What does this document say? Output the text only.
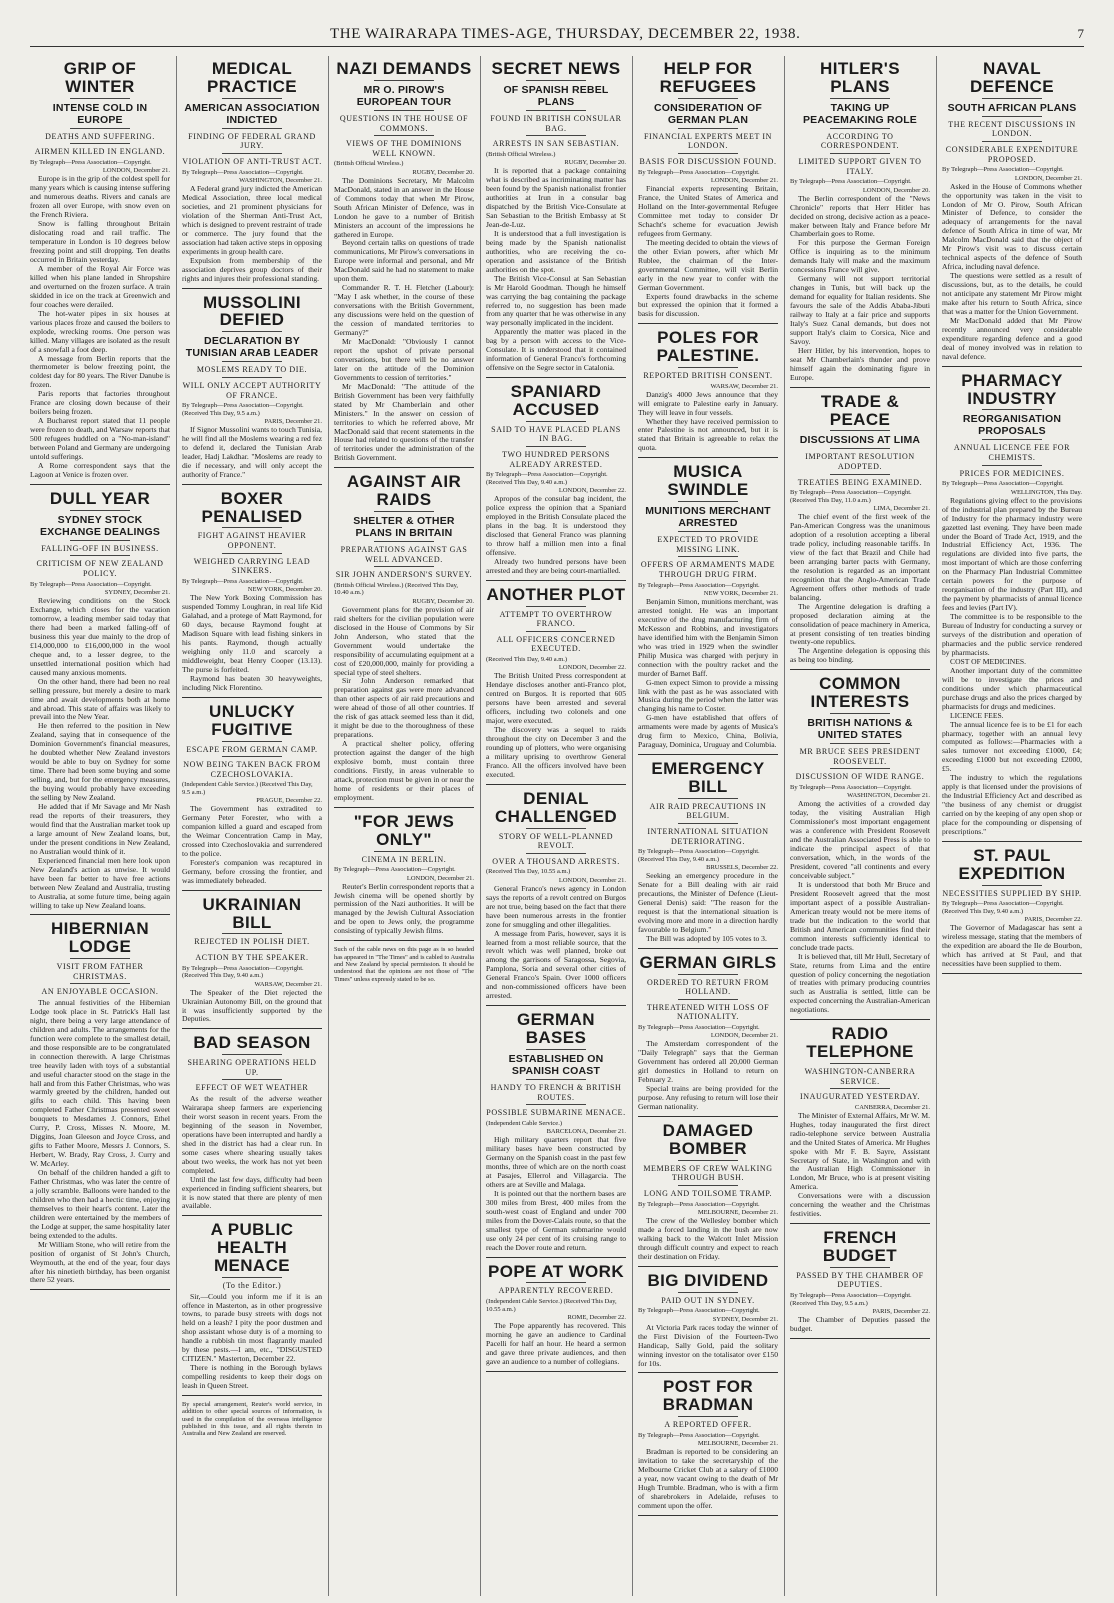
THE WAIRARAPA TIMES-AGE, THURSDAY, DECEMBER 22, 1938.	7
GRIP OF WINTER
INTENSE COLD IN EUROPE
DEATHS AND SUFFERING.
AIRMEN KILLED IN ENGLAND.
By Telegraph—Press Association—Copyright.
LONDON, December 21.

Europe is in the grip of the coldest spell for many years which is causing intense suffering and numerous deaths. Rivers and canals are frozen all over Europe, with snow even on the French Riviera.

Snow is falling throughout Britain dislocating road and rail traffic. The temperature in London is 10 degrees below freezing point and still dropping. Ten deaths occurred in Britain yesterday.

A member of the Royal Air Force was killed when his plane landed in Shropshire and overturned on the frozen surface. A train skidded in ice on the track at Greenwich and four coaches were derailed.

The hot-water pipes in six houses at various places froze and caused the boilers to explode, wrecking rooms. One person was killed. Many villages are isolated as the result of a snowfall a foot deep.

A message from Berlin reports that the thermometer is below freezing point, the coldest day for 80 years. The River Danube is frozen.

Paris reports that factories throughout France are closing down because of their boilers being frozen.

A Bucharest report stated that 11 people were frozen to death, and Warsaw reports that 500 refugees huddled on a "No-man-island" between Poland and Germany are undergoing untold sufferings.

A Rome correspondent says that the Lagoon at Venice is frozen over.

DULL YEAR
SYDNEY STOCK EXCHANGE DEALINGS
FALLING-OFF IN BUSINESS.
CRITICISM OF NEW ZEALAND POLICY.
By Telegraph—Press Association—Copyright.
SYDNEY, December 21.

Reviewing conditions on the Stock Exchange, which closes for the vacation tomorrow, a leading member said today that there had been a marked falling-off of business this year due mainly to the drop of £14,000,000 to £16,000,000 in the wool cheque and, to a lesser degree, to the unsettled international position which had caused many anxious moments.

On the other hand, there had been no real selling pressure, but merely a desire to mark time and await developments both at home and abroad. This state of affairs was likely to prevail into the New Year.

He then referred to the position in New Zealand, saying that in consequence of the Dominion Government's financial measures, he doubted whether New Zealand investors would be able to buy on Sydney for some time. There had been some buying and some selling, and, but for the emergency measures, the buying would probably have exceeding the selling by New Zealand.

He added that if Mr Savage and Mr Nash read the reports of their treasurers, they would find that the Australian market took up a large amount of New Zealand loans, but, under the present conditions in New Zealand, no Australian would think of it.

Experienced financial men here look upon New Zealand's action as unwise. It would have been far better to have free actions between New Zealand and Australia, trusting to Australia, at some future time, being again willing to take up New Zealand loans.

HIBERNIAN LODGE
VISIT FROM FATHER CHRISTMAS.
AN ENJOYABLE OCCASION.

The annual festivities of the Hibernian Lodge took place in St. Patrick's Hall last night, there being a very large attendance of children and adults. The arrangements for the function were complete to the smallest detail, and those responsible are to be congratulated in connection therewith. A large Christmas tree heavily laden with toys of a substantial and useful character stood on the stage in the hall and from this Father Christmas, who was warmly greeted by the children, handed out gifts to each child. This having been completed Father Christmas presented sweet bouquets to Mesdames J. Connors, Ethel Curry, P. Cross, Misses N. Moore, M. Diggins, Joan Gleeson and Joyce Cross, and gifts to Father Moore, Messrs J. Connors, S. Herbert, W. Brady, Ray Cross, J. Curry and W. McArley.

On behalf of the children handed a gift to Father Christmas, who was later the centre of a jolly scramble. Balloons were handed to the children who then had a hectic time, enjoying themselves to their heart's content. Later the children were entertained by the members of the Lodge at supper, the same hospitality later being extended to the adults.

Mr William Stone, who will retire from the position of organist of St John's Church, Weymouth, at the end of the year, four days after his ninetieth birthday, has been organist there 52 years.

MEDICAL PRACTICE
AMERICAN ASSOCIATION INDICTED
FINDING OF FEDERAL GRAND JURY.
VIOLATION OF ANTI-TRUST ACT.
By Telegraph—Press Association—Copyright.
WASHINGTON, December 21.

A Federal grand jury indicted the American Medical Association, three local medical societies, and 21 prominent physicians for violation of the Sherman Anti-Trust Act, which is designed to prevent restraint of trade or commerce. The jury found that the association had taken active steps in opposing experiments in group health care.

Expulsion from membership of the association deprives group doctors of their rights and injures their professional standing.

MUSSOLINI DEFIED
DECLARATION BY TUNISIAN ARAB LEADER
MOSLEMS READY TO DIE.
WILL ONLY ACCEPT AUTHORITY OF FRANCE.
By Telegraph—Press Association—Copyright. (Received This Day, 9.5 a.m.)
PARIS, December 21.

If Signor Mussolini wants to touch Tunisia, he will find all the Moslems wearing a red fez to defend it, declared the Tunisian Arab leader, Hadj Lakdhar. "Moslems are ready to die if necessary, and will only accept the authority of France."

BOXER PENALISED
FIGHT AGAINST HEAVIER OPPONENT.
WEIGHED CARRYING LEAD SINKERS.
By Telegraph—Press Association—Copyright.
NEW YORK, December 20.

The New York Boxing Commission has suspended Tommy Loughran, in real life Kid Galahad, and a protege of Matt Raymond, for 60 days, because Raymond fought at Madison Square with lead fishing sinkers in his pants. Raymond, though actually weighing only 11.0 and scarcely a middleweight, beat Henry Cooper (13.13). The purse is forfeited.

Raymond has beaten 30 heavyweights, including Nick Florentino.

UNLUCKY FUGITIVE
ESCAPE FROM GERMAN CAMP.
NOW BEING TAKEN BACK FROM CZECHOSLOVAKIA.
(Independent Cable Service.) (Received This Day, 9.5 a.m.)
PRAGUE, December 22.

The Government has extradited to Germany Peter Forester, who with a companion killed a guard and escaped from the Weimar Concentration Camp in May, crossed into Czechoslovakia and surrendered to the police.

Forester's companion was recaptured in Germany, before crossing the frontier, and was immediately beheaded.

UKRAINIAN BILL
REJECTED IN POLISH DIET.
ACTION BY THE SPEAKER.
By Telegraph—Press Association—Copyright. (Received This Day, 9.40 a.m.)
WARSAW, December 21.

The Speaker of the Diet rejected the Ukrainian Autonomy Bill, on the ground that it was insufficiently supported by the Deputies.

BAD SEASON
SHEARING OPERATIONS HELD UP.
EFFECT OF WET WEATHER

As the result of the adverse weather Wairarapa sheep farmers are experiencing their worst season in recent years. From the beginning of the season in November, operations have been interrupted and hardly a shed in the district has had a clear run. In some cases where shearing usually takes about two weeks, the work has not yet been completed.

Until the last few days, difficulty had been experienced in finding sufficient shearers, but it is now stated that there are plenty of men available.

A PUBLIC HEALTH MENACE
(To the Editor.)

Sir,—Could you inform me if it is an offence in Masterton, as in other progressive towns, to parade busy streets with dogs not held on a leash? I pity the poor dustmen and shop assistant whose duty is of a morning to handle a rubbish tin most flagrantly mauled by these pests.—I am, etc., "DISGUSTED CITIZEN." Masterton, December 22.

There is nothing in the Borough bylaws compelling residents to keep their dogs on leash in Queen Street.

By special arrangement, Reuter's world service, in addition to other special sources of information, is used in the compilation of the overseas intelligence published in this issue, and all rights therein in Australia and New Zealand are reserved.
NAZI DEMANDS
MR O. PIROW'S EUROPEAN TOUR
QUESTIONS IN THE HOUSE OF COMMONS.
VIEWS OF THE DOMINIONS WELL KNOWN.
(British Official Wireless.)
RUGBY, December 20.

The Dominions Secretary, Mr Malcolm MacDonald, stated in an answer in the House of Commons today that when Mr Pirow, South African Minister of Defence, was in London he gave to a number of British Ministers an account of the impressions he gathered in Europe.

Beyond certain talks on questions of trade communications, Mr Pirow's conversations in Europe were informal and personal, and Mr MacDonald said he had no statement to make upon them.

Commander R. T. H. Fletcher (Labour): "May I ask whether, in the course of these conversations with the British Government, any discussions were held on the question of the cession of mandated territories to Germany?"

Mr MacDonald: "Obviously I cannot report the upshot of private personal conversations, but there will be no answer later on the attitude of the Dominion Governments to cession of territories."

Mr MacDonald: "The attitude of the British Government has been very faithfully stated by Mr Chamberlain and other Ministers." In the answer on cession of territories to which he referred above, Mr MacDonald said that recent statements in the House had related to questions of the transfer of territories under the administration of the British Government.

AGAINST AIR RAIDS
SHELTER & OTHER PLANS IN BRITAIN
PREPARATIONS AGAINST GAS WELL ADVANCED.
SIR JOHN ANDERSON'S SURVEY.
(British Official Wireless.) (Received This Day, 10.40 a.m.)
RUGBY, December 20.

Government plans for the provision of air raid shelters for the civilian population were disclosed in the House of Commons by Sir John Anderson, who stated that the Government would undertake the responsibility of accumulating equipment at a cost of £20,000,000, mainly for providing a special type of steel shelters.

Sir John Anderson remarked that preparation against gas were more advanced than other aspects of air raid precautions and were ahead of those of all other countries. If the risk of gas attack seemed less than it did, it might be due to the thoroughness of these preparations.

A practical shelter policy, offering protection against the danger of the high explosive bomb, must contain three conditions. Firstly, in areas vulnerable to attack, protection must be given in or near the home of residents or their places of employment.

"FOR JEWS ONLY"
CINEMA IN BERLIN.
By Telegraph—Press Association—Copyright.
LONDON, December 21.

Reuter's Berlin correspondent reports that a Jewish cinema will be opened shortly by permission of the Nazi authorities. It will be managed by the Jewish Cultural Association and be open to Jews only, the programme consisting of typically Jewish films.

Such of the cable news on this page as is so headed has appeared in "The Times" and is cabled to Australia and New Zealand by special permission. It should be understood that the opinions are not those of "The Times" unless expressly stated to be so.
SECRET NEWS
OF SPANISH REBEL PLANS
FOUND IN BRITISH CONSULAR BAG.
ARRESTS IN SAN SEBASTIAN.
(British Official Wireless.)
RUGBY, December 20.

It is reported that a package containing what is described as incriminating matter has been found by the Spanish nationalist frontier authorities at Irun in a consular bag dispatched by the British Vice-Consulate at San Sebastian to the British Embassy at St Jean-de-Luz.

It is understood that a full investigation is being made by the Spanish nationalist authorities, who are receiving the co-operation and assistance of the British authorities on the spot.

The British Vice-Consul at San Sebastian is Mr Harold Goodman. Though he himself was carrying the bag containing the package referred to, no suggestion has been made from any quarter that he was otherwise in any way personally implicated in the incident.

Apparently the matter was placed in the bag by a person with access to the Vice-Consulate. It is understood that it contained information of General Franco's forthcoming offensive on the Segre sector in Catalonia.

SPANIARD ACCUSED
SAID TO HAVE PLACED PLANS IN BAG.
TWO HUNDRED PERSONS ALREADY ARRESTED.
By Telegraph—Press Association—Copyright. (Received This Day, 9.40 a.m.)
LONDON, December 22.

Apropos of the consular bag incident, the police express the opinion that a Spaniard employed in the British Consulate placed the plans in the bag. It is understood they disclosed that General Franco was planning to throw half a million men into a final offensive.

Already two hundred persons have been arrested and they are being court-martialled.

ANOTHER PLOT
ATTEMPT TO OVERTHROW FRANCO.
ALL OFFICERS CONCERNED EXECUTED.
(Received This Day, 9.40 a.m.)
LONDON, December 22.

The British United Press correspondent at Hendaye discloses another anti-Franco plot, centred on Burgos. It is reported that 605 persons have been arrested and several officers, including two colonels and one major, were executed.

The discovery was a sequel to raids throughout the city on December 3 and the rounding up of plotters, who were organising a military uprising to overthrow General Franco. All the officers involved have been executed.

DENIAL CHALLENGED
STORY OF WELL-PLANNED REVOLT.
OVER A THOUSAND ARRESTS.
(Received This Day, 10.55 a.m.)
LONDON, December 21.

General Franco's news agency in London says the reports of a revolt centred on Burgos are not true, being based on the fact that there have been numerous arrests in the frontier zone for smuggling and other illegalities.

A message from Paris, however, says it is learned from a most reliable source, that the revolt which was well planned, broke out among the garrisons of Saragossa, Segovia, Pamplona, Soria and several other cities of General Franco's Spain. Over 1000 officers and non-commissioned officers have been arrested.

GERMAN BASES
ESTABLISHED ON SPANISH COAST
HANDY TO FRENCH & BRITISH ROUTES.
POSSIBLE SUBMARINE MENACE.
(Independent Cable Service.)
BARCELONA, December 21.

High military quarters report that five military bases have been constructed by Germany on the Spanish coast in the past few months, three of which are on the north coast at Pasajes, Ellerrol and Villagarcia. The others are at Seville and Malaga.

It is pointed out that the northern bases are 300 miles from Brest, 400 miles from the south-west coast of England and under 700 miles from the Dover-Calais route, so that the smallest type of German submarine would use only 24 per cent of its cruising range to reach the Dover route and return.

POPE AT WORK
APPARENTLY RECOVERED.
(Independent Cable Service.) (Received This Day, 10.55 a.m.)
ROME, December 22.

The Pope apparently has recovered. This morning he gave an audience to Cardinal Pacelli for half an hour. He heard a sermon and gave three private audiences, and then gave an audience to a number of collegians.

HELP FOR REFUGEES
CONSIDERATION OF GERMAN PLAN
FINANCIAL EXPERTS MEET IN LONDON.
BASIS FOR DISCUSSION FOUND.
By Telegraph—Press Association—Copyright.
LONDON, December 21.

Financial experts representing Britain, France, the United States of America and Holland on the Inter-governmental Refugee Committee met today to consider Dr Schacht's scheme for evacuation Jewish refugees from Germany.

The meeting decided to obtain the views of the other Evian powers, after which Mr Rublee, the chairman of the Inter-governmental Committee, will visit Berlin early in the new year to confer with the German Government.

Experts found drawbacks in the scheme but expressed the opinion that it formed a basis for discussion.

POLES FOR PALESTINE.
REPORTED BRITISH CONSENT.
WARSAW, December 21.

Danzig's 4000 Jews announce that they will emigrate to Palestine early in January. They will leave in four vessels.

Whether they have received permission to enter Palestine is not announced, but it is stated that Britain is agreeable to relax the quota.

MUSICA SWINDLE
MUNITIONS MERCHANT ARRESTED
EXPECTED TO PROVIDE MISSING LINK.
OFFERS OF ARMAMENTS MADE THROUGH DRUG FIRM.
By Telegraph—Press Association—Copyright.
NEW YORK, December 21.

Benjamin Simon, munitions merchant, was arrested tonight. He was an important executive of the drug manufacturing firm of McKesson and Robbins, and investigators have identified him with the Benjamin Simon who was tried in 1929 when the swindler Philip Musica was charged with perjury in connection with the poultry racket and the murder of Barnet Baff.

G-men expect Simon to provide a missing link with the past as he was associated with Musica during the period when the latter was changing his name to Coster.

G-men have established that offers of armaments were made by agents of Musica's drug firm to Mexico, China, Bolivia, Paraguay, Dominica, Uruguay and Columbia.

EMERGENCY BILL
AIR RAID PRECAUTIONS IN BELGIUM.
INTERNATIONAL SITUATION DETERIORATING.
By Telegraph—Press Association—Copyright. (Received This Day, 9.40 a.m.)
BRUSSELS, December 22.

Seeking an emergency procedure in the Senate for a Bill dealing with air raid precautions, the Minister of Defence (Lieut-General Denis) said: "The reason for the request is that the international situation is evolving more and more in a direction hardly favourable to Belgium."

The Bill was adopted by 105 votes to 3.

GERMAN GIRLS
ORDERED TO RETURN FROM HOLLAND.
THREATENED WITH LOSS OF NATIONALITY.
By Telegraph—Press Association—Copyright.
LONDON, December 21.

The Amsterdam correspondent of the "Daily Telegraph" says that the German Government has ordered all 20,000 German girl domestics in Holland to return on February 2.

Special trains are being provided for the purpose. Any refusing to return will lose their German nationality.

DAMAGED BOMBER
MEMBERS OF CREW WALKING THROUGH BUSH.
LONG AND TOILSOME TRAMP.
By Telegraph—Press Association—Copyright.
MELBOURNE, December 21.

The crew of the Wellesley bomber which made a forced landing in the bush are now walking back to the Walcott Inlet Mission through difficult country and expect to reach their destination on Friday.

BIG DIVIDEND
PAID OUT IN SYDNEY.
By Telegraph—Press Association—Copyright.
SYDNEY, December 21.

At Victoria Park races today the winner of the First Division of the Fourteen-Two Handicap, Sally Gold, paid the solitary winning investor on the totalisator over £150 for 10s.

POST FOR BRADMAN
A REPORTED OFFER.
By Telegraph—Press Association—Copyright.
MELBOURNE, December 21.

Bradman is reported to be considering an invitation to take the secretaryship of the Melbourne Cricket Club at a salary of £1000 a year, now vacant owing to the death of Mr Hugh Trumble. Bradman, who is with a firm of sharebrokers in Adelaide, refuses to comment upon the offer.

HITLER'S PLANS
TAKING UP PEACEMAKING ROLE
ACCORDING TO CORRESPONDENT.
LIMITED SUPPORT GIVEN TO ITALY.
By Telegraph—Press Association—Copyright.
LONDON, December 20.

The Berlin correspondent of the "News Chronicle" reports that Herr Hitler has decided on strong, decisive action as a peace-maker between Italy and France before Mr Chamberlain goes to Rome.

For this purpose the German Foreign Office is inquiring as to the minimum demands Italy will make and the maximum concessions France will give.

Germany will not support territorial changes in Tunis, but will back up the demand for equality for Italian residents. She favours the sale of the Addis Ababa-Jibuti railway to Italy at a fair price and supports Italy's Suez Canal demands, but does not support Italy's claim to Corsica, Nice and Savoy.

Herr Hitler, by his intervention, hopes to seat Mr Chamberlain's thunder and prove himself again the dominating figure in Europe.

TRADE & PEACE
DISCUSSIONS AT LIMA
IMPORTANT RESOLUTION ADOPTED.
TREATIES BEING EXAMINED.
By Telegraph—Press Association—Copyright. (Received This Day, 11.0 a.m.)
LIMA, December 21.

The chief event of the first week of the Pan-American Congress was the unanimous adoption of a resolution accepting a liberal trade policy, including reasonable tariffs. In view of the fact that Brazil and Chile had been arranging barter pacts with Germany, the resolution is regarded as an important recognition that the Anglo-American Trade Agreement offers other methods of trade balancing.

The Argentine delegation is drafting a proposed declaration aiming at the consolidation of peace machinery in America, at present consisting of ten treaties binding twenty-one republics.

The Argentine delegation is opposing this as being too binding.

COMMON INTERESTS
BRITISH NATIONS & UNITED STATES
MR BRUCE SEES PRESIDENT ROOSEVELT.
DISCUSSION OF WIDE RANGE.
By Telegraph—Press Association—Copyright.
WASHINGTON, December 21.

Among the activities of a crowded day today, the visiting Australian High Commissioner's most important engagement was a conference with President Roosevelt and the Australian Associated Press is able to indicate the principal aspect of that conversation, which, in the words of the President, covered "all continents and every conceivable subject."

It is understood that both Mr Bruce and President Roosevelt agreed that the most important aspect of a possible Australian-American treaty would not be mere items of trade but the indication to the world that British and American communities find their common interests sufficiently identical to conclude trade pacts.

It is believed that, till Mr Hull, Secretary of State, returns from Lima and the entire question of policy concerning the negotiation of treaties with primary producing countries such as Australia is settled, little can be expected concerning the Australian-American negotiations.

RADIO TELEPHONE
WASHINGTON-CANBERRA SERVICE.
INAUGURATED YESTERDAY.
CANBERRA, December 21.

The Minister of External Affairs, Mr W. M. Hughes, today inaugurated the first direct radio-telephone service between Australia and the United States of America. Mr Hughes spoke with Mr F. B. Sayre, Assistant Secretary of State, in Washington and with the Australian High Commissioner in London, Mr Bruce, who is at present visiting America.

Conversations were with a discussion concerning the weather and the Christmas festivities.

FRENCH BUDGET
PASSED BY THE CHAMBER OF DEPUTIES.
By Telegraph—Press Association—Copyright. (Received This Day, 9.5 a.m.)
PARIS, December 22.

The Chamber of Deputies passed the budget.

NAVAL DEFENCE
SOUTH AFRICAN PLANS
THE RECENT DISCUSSIONS IN LONDON.
CONSIDERABLE EXPENDITURE PROPOSED.
By Telegraph—Press Association—Copyright.
LONDON, December 21.

Asked in the House of Commons whether the opportunity was taken in the visit to London of Mr O. Pirow, South African Minister of Defence, to consider the adequacy of arrangements for the naval defence of South Africa in time of war, Mr Malcolm MacDonald said that the object of Mr Pirow's visit was to discuss certain technical aspects of the defence of South Africa, including naval defence.

The questions were settled as a result of discussions, but, as to the details, he could not anticipate any statement Mr Pirow might make after his return to South Africa, since that was a matter for the Union Government.

Mr MacDonald added that Mr Pirow recently announced very considerable expenditure regarding defence and a good deal of money involved was in relation to naval defence.

PHARMACY INDUSTRY
REORGANISATION PROPOSALS
ANNUAL LICENCE FEE FOR CHEMISTS.
PRICES FOR MEDICINES.
By Telegraph—Press Association—Copyright.
WELLINGTON, This Day.

Regulations giving effect to the provisions of the industrial plan prepared by the Bureau of Industry for the pharmacy industry were gazetted last evening. They have been made under the Board of Trade Act, 1919, and the Industrial Efficiency Act, 1936. The regulations are divided into five parts, the most important of which are those conferring on the Pharmacy Plan Industrial Committee certain powers for the purpose of reorganisation of the industry (Part III), and the payment by pharmacists of annual licence fees and levies (Part IV).

The committee is to be responsible to the Bureau of Industry for conducting a survey or surveys of the distribution and operation of pharmacies and the public service rendered by pharmacists.

COST OF MEDICINES.

Another important duty of the committee will be to investigate the prices and conditions under which pharmaceutical purchase drugs and also the prices charged by pharmacists for drugs and medicines.

LICENCE FEES.

The annual licence fee is to be £1 for each pharmacy, together with an annual levy computed as follows:—Pharmacies with a sales turnover not exceeding £1000, £4; exceeding £1000 but not exceeding £2000, £5.

The industry to which the regulations apply is that licensed under the provisions of the Industrial Efficiency Act and described as "the business of any chemist or druggist carried on by the keeping of any open shop or place for the compounding or dispensing of prescriptions."

ST. PAUL EXPEDITION
NECESSITIES SUPPLIED BY SHIP.
By Telegraph—Press Association—Copyright. (Received This Day, 9.40 a.m.)
PARIS, December 22.

The Governor of Madagascar has sent a wireless message, stating that the members of the expedition are aboard the Ile de Bourbon, which has arrived at St Paul, and that necessities have been supplied to them.
